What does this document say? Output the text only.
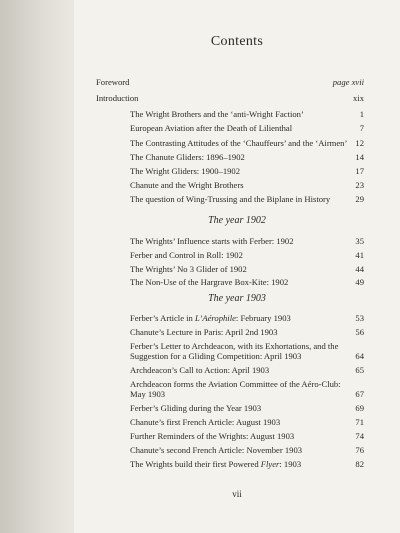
Contents
Foreword	page xvii
Introduction	xix
The Wright Brothers and the ‘anti-Wright Faction’	1
European Aviation after the Death of Lilienthal	7
The Contrasting Attitudes of the ‘Chauffeurs’ and the ‘Airmen’ 12
The Chanute Gliders: 1896–1902	14
The Wright Gliders: 1900–1902	17
Chanute and the Wright Brothers	23
The question of Wing-Trussing and the Biplane in History	29
The year 1902
The Wrights’ Influence starts with Ferber: 1902	35
Ferber and Control in Roll: 1902	41
The Wrights’ No 3 Glider of 1902	44
The Non-Use of the Hargrave Box-Kite: 1902	49
The year 1903
Ferber’s Article in L’Aérophile: February 1903	53
Chanute’s Lecture in Paris: April 2nd 1903	56
Ferber’s Letter to Archdeacon, with its Exhortations, and the
Suggestion for a Gliding Competition: April 1903	64
Archdeacon’s Call to Action: April 1903	65
Archdeacon forms the Aviation Committee of the Aéro-Club:
May 1903	67
Ferber’s Gliding during the Year 1903	69
Chanute’s first French Article: August 1903	71
Further Reminders of the Wrights: August 1903	74
Chanute’s second French Article: November 1903	76
The Wrights build their first Powered Flyer: 1903	82
vii
